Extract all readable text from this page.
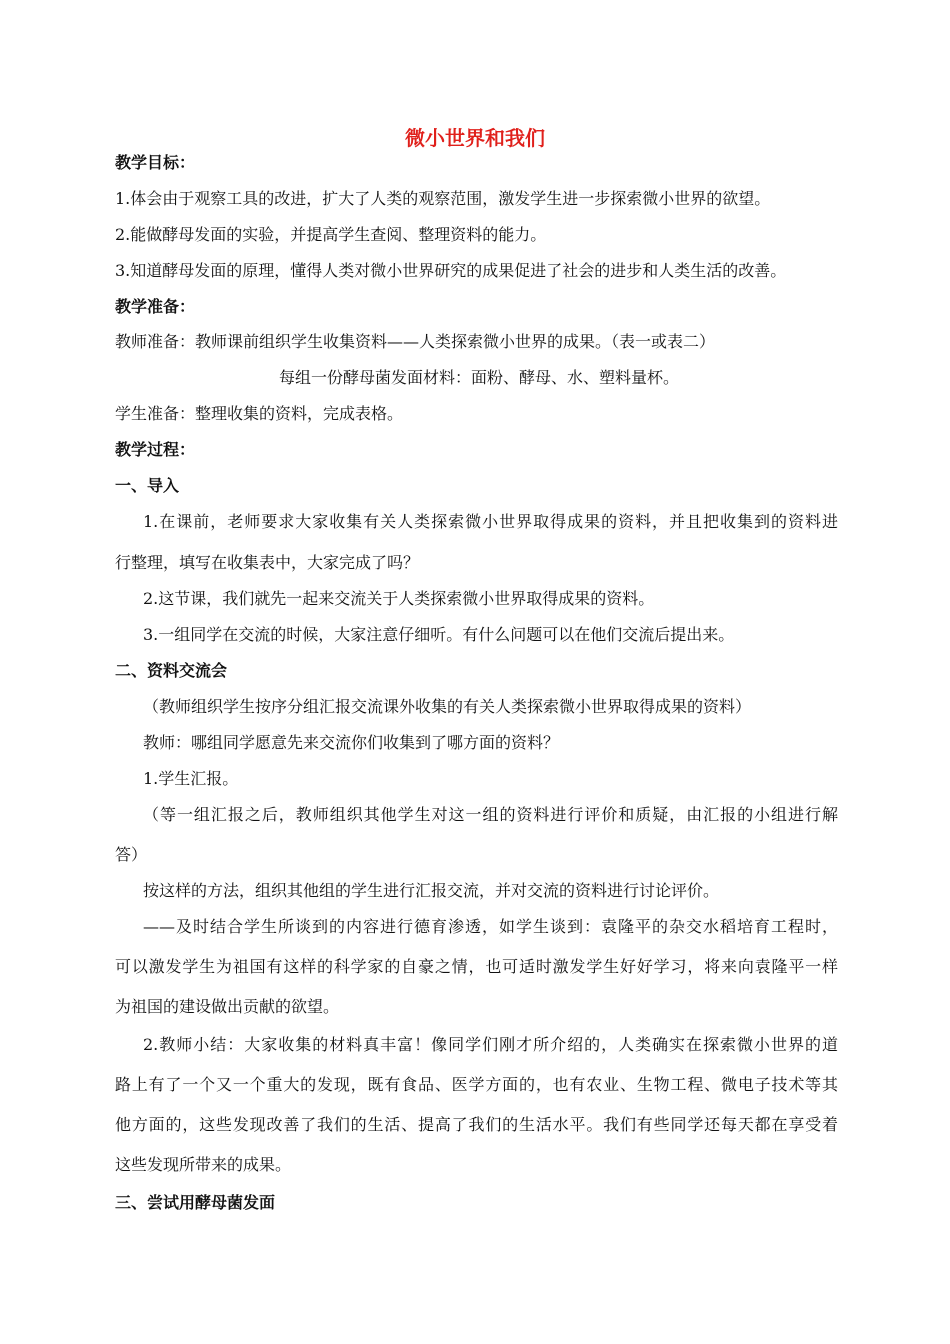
微小世界和我们
教学目标：
1.体会由于观察工具的改进，扩大了人类的观察范围，激发学生进一步探索微小世界的欲望。
2.能做酵母发面的实验，并提高学生查阅、整理资料的能力。
3.知道酵母发面的原理，懂得人类对微小世界研究的成果促进了社会的进步和人类生活的改善。
教学准备：
教师准备：教师课前组织学生收集资料——人类探索微小世界的成果。（表一或表二）
每组一份酵母菌发面材料：面粉、酵母、水、塑料量杯。
学生准备：整理收集的资料，完成表格。
教学过程：
一、导入
1.在课前，老师要求大家收集有关人类探索微小世界取得成果的资料，并且把收集到的资料进
行整理，填写在收集表中，大家完成了吗？
2.这节课，我们就先一起来交流关于人类探索微小世界取得成果的资料。
3.一组同学在交流的时候，大家注意仔细听。有什么问题可以在他们交流后提出来。
二、资料交流会
（教师组织学生按序分组汇报交流课外收集的有关人类探索微小世界取得成果的资料）
教师：哪组同学愿意先来交流你们收集到了哪方面的资料？
1.学生汇报。
（等一组汇报之后，教师组织其他学生对这一组的资料进行评价和质疑，由汇报的小组进行解
答）
按这样的方法，组织其他组的学生进行汇报交流，并对交流的资料进行讨论评价。
——及时结合学生所谈到的内容进行德育渗透，如学生谈到：袁隆平的杂交水稻培育工程时，
可以激发学生为祖国有这样的科学家的自豪之情，也可适时激发学生好好学习，将来向袁隆平一样
为祖国的建设做出贡献的欲望。
2.教师小结：大家收集的材料真丰富！像同学们刚才所介绍的，人类确实在探索微小世界的道
路上有了一个又一个重大的发现，既有食品、医学方面的，也有农业、生物工程、微电子技术等其
他方面的，这些发现改善了我们的生活、提高了我们的生活水平。我们有些同学还每天都在享受着
这些发现所带来的成果。
三、尝试用酵母菌发面
